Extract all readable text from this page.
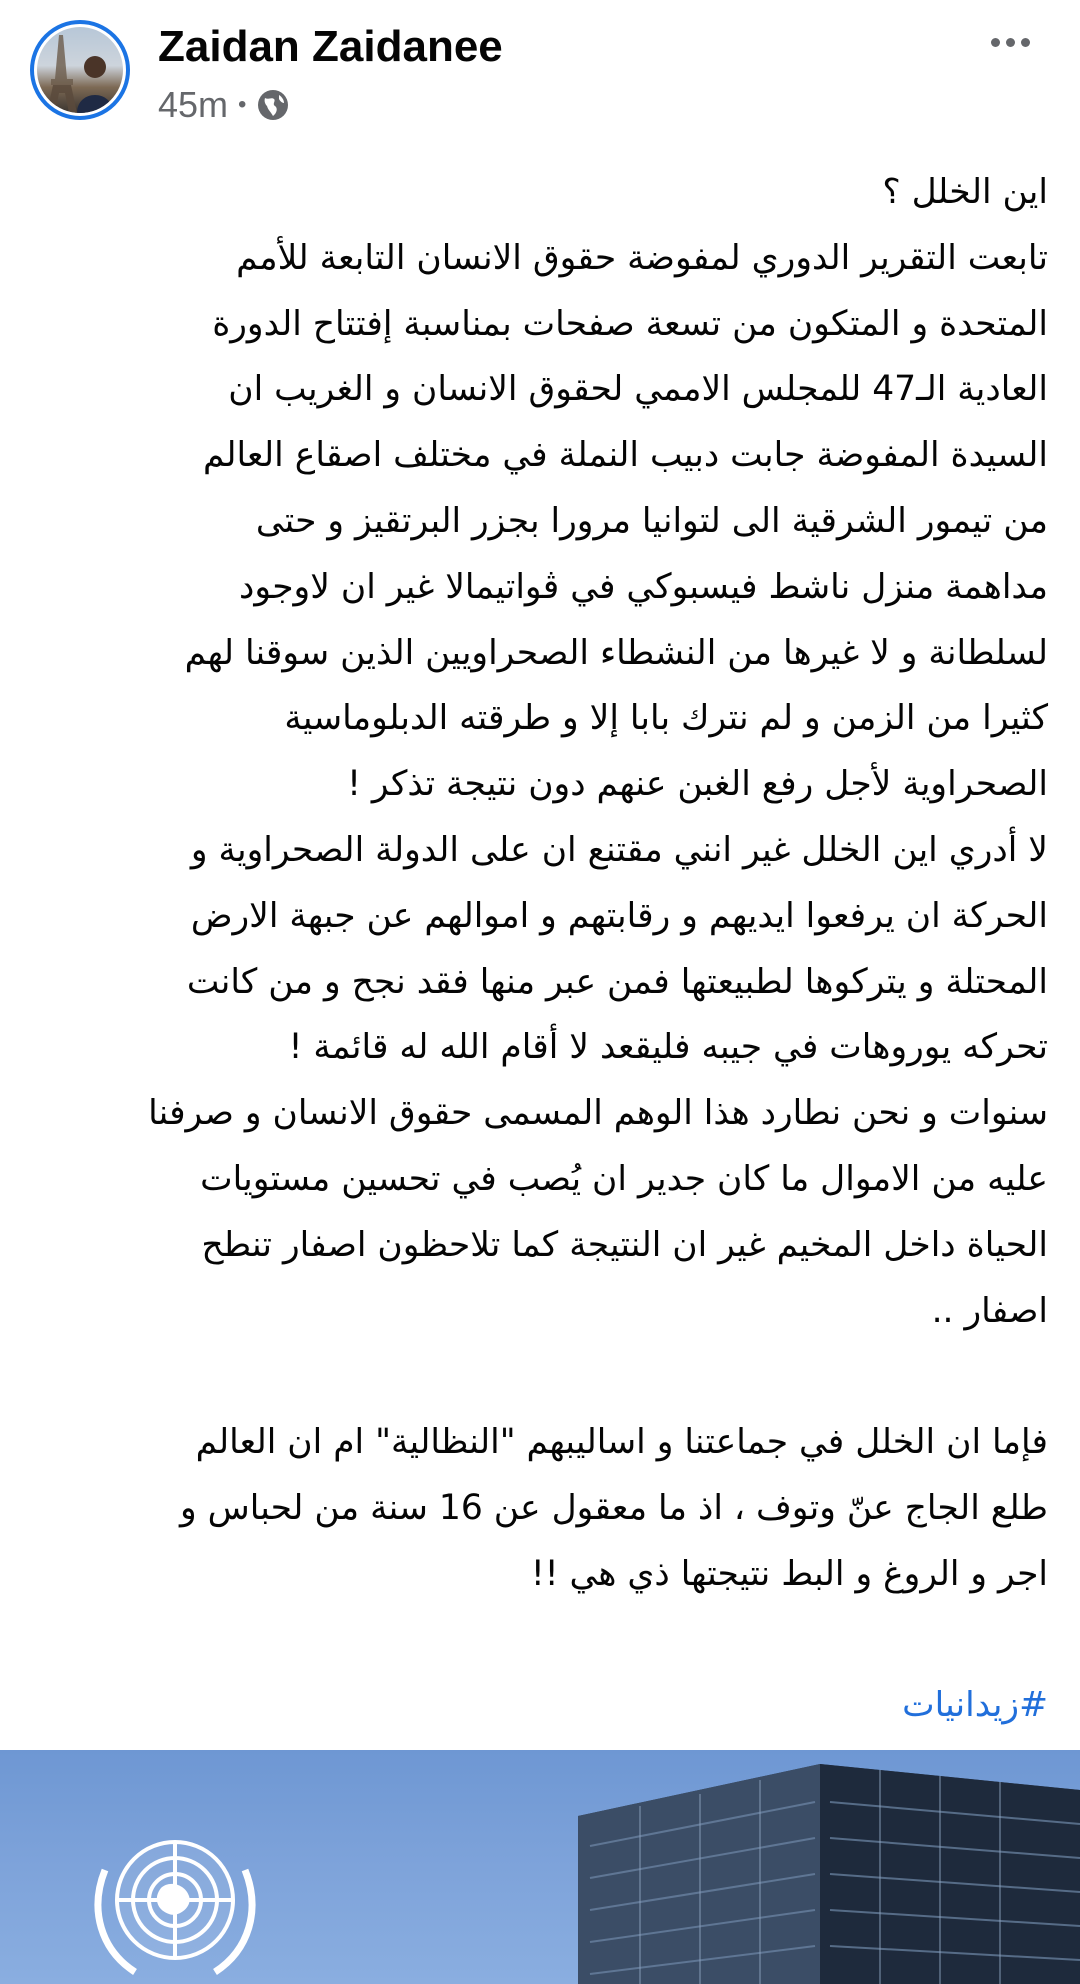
Zaidan Zaidanee
45m •

اين الخلل ؟

تابعت التقرير الدوري لمفوضة حقوق الانسان التابعة للأمم

المتحدة و المتكون من تسعة صفحات بمناسبة إفتتاح الدورة

العادية الـ47 للمجلس الاممي لحقوق الانسان و الغريب ان

السيدة المفوضة جابت دبيب النملة في مختلف اصقاع العالم

من تيمور الشرقية الى لتوانيا مرورا بجزر البرتقيز و حتى

مداهمة منزل ناشط فيسبوكي في ڨواتيمالا غير ان لاوجود

لسلطانة و لا غيرها من النشطاء الصحراويين الذين سوقنا لهم

كثيرا من الزمن و لم نترك بابا إلا و طرقته الدبلوماسية

الصحراوية لأجل رفع الغبن عنهم دون نتيجة تذكر !

لا أدري اين الخلل غير انني مقتنع ان على الدولة الصحراوية و

الحركة ان يرفعوا ايديهم و رقابتهم و اموالهم عن جبهة الارض

المحتلة و يتركوها لطبيعتها فمن عبر منها فقد نجح و من كانت

تحركه يوروهات في جيبه فليقعد لا أقام الله له قائمة !

سنوات و نحن نطارد هذا الوهم المسمى حقوق الانسان و صرفنا

عليه من الاموال ما كان جدير ان يُصب في تحسين مستويات

الحياة داخل المخيم غير ان النتيجة كما تلاحظون اصفار تنطح

اصفار ..

فإما ان الخلل في جماعتنا و اساليبهم "النظالية" ام ان العالم

طلع الجاج عنّ وتوف ، اذ ما معقول عن 16 سنة من لحباس و

اجر و الروغ و البط نتيجتها ذي هي !!

#زيدانيات
